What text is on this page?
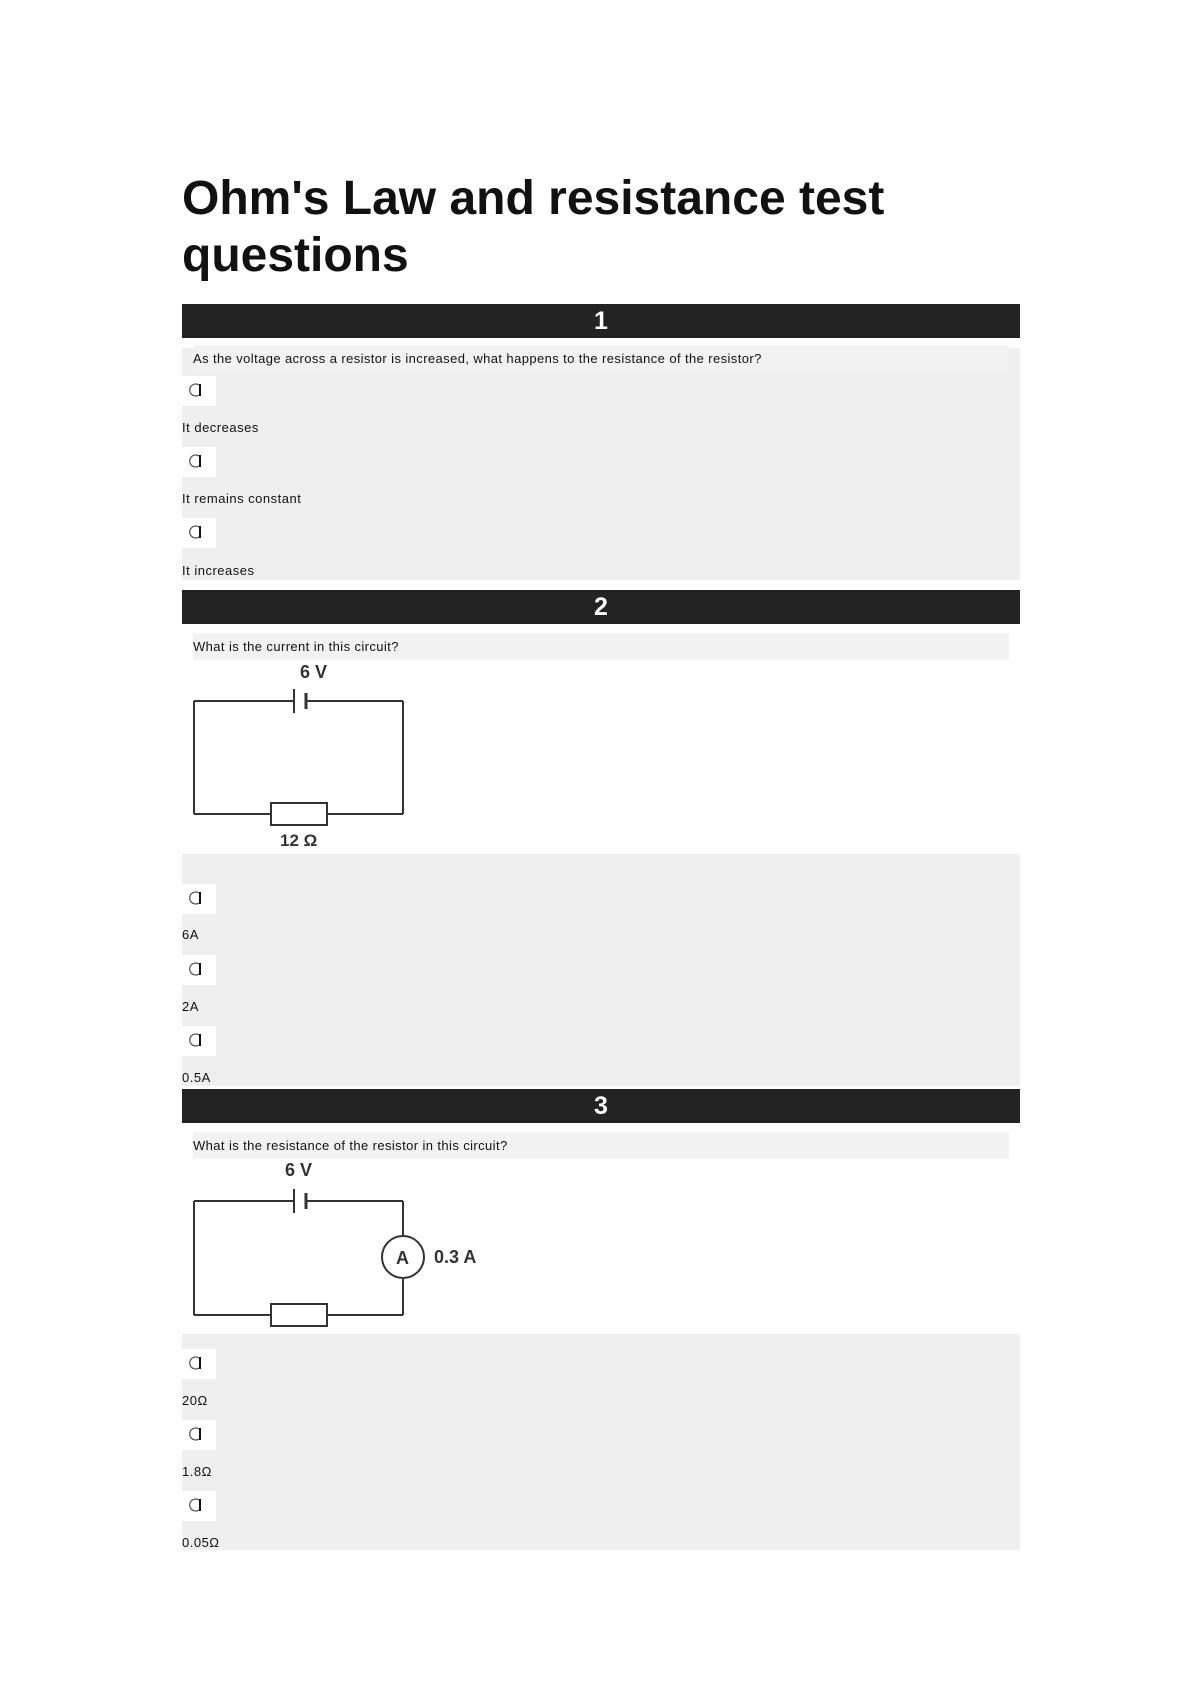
Ohm's Law and resistance test questions
1
As the voltage across a resistor is increased, what happens to the resistance of the resistor?
It decreases
It remains constant
It increases
2
What is the current in this circuit?
6 V
12 Ω
6A
2A
0.5A
3
What is the resistance of the resistor in this circuit?
6 V
A 0.3 A
20Ω
1.8Ω
0.05Ω
